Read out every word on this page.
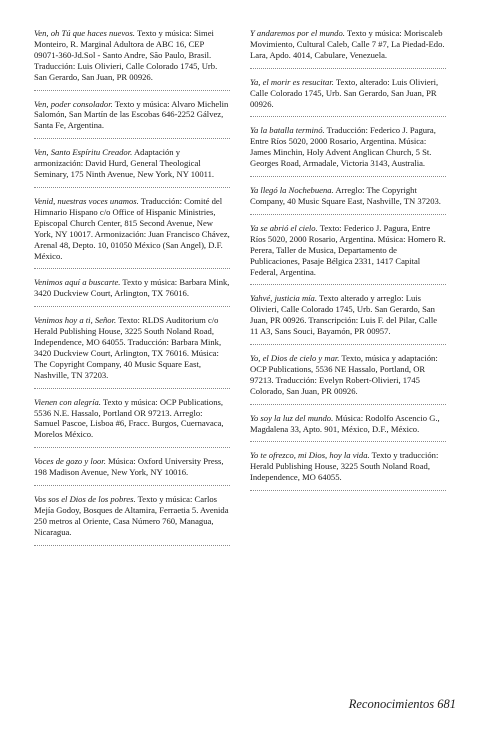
Ven, oh Tú que haces nuevos. Texto y música: Simei Monteiro, R. Marginal Adultora de ABC 16, CEP 09071-360-Jd.Sol - Santo Andre, São Paulo, Brasil. Traducción: Luis Olivieri, Calle Colorado 1745, Urb. San Gerardo, San Juan, PR 00926.

Ven, poder consolador. Texto y música: Alvaro Michelin Salomón, San Martín de las Escobas 646-2252 Gálvez, Santa Fe, Argentina.

Ven, Santo Espíritu Creador. Adaptación y armonización: David Hurd, General Theological Seminary, 175 Ninth Avenue, New York, NY 10011.

Venid, nuestras voces unamos. Traducción: Comité del Himnario Hispano c/o Office of Hispanic Ministries, Episcopal Church Center, 815 Second Avenue, New York, NY 10017. Armonización: Juan Francisco Chávez, Arenal 48, Depto. 10, 01050 México (San Angel), D.F. México.

Venimos aquí a buscarte. Texto y música: Barbara Mink, 3420 Duckview Court, Arlington, TX 76016.

Venimos hoy a ti, Señor. Texto: RLDS Auditorium c/o Herald Publishing House, 3225 South Noland Road, Independence, MO 64055. Traducción: Barbara Mink, 3420 Duckview Court, Arlington, TX 76016. Música: The Copyright Company, 40 Music Square East, Nashville, TN 37203.

Vienen con alegría. Texto y música: OCP Publications, 5536 N.E. Hassalo, Portland OR 97213. Arreglo: Samuel Pascoe, Lisboa #6, Fracc. Burgos, Cuernavaca, Morelos México.

Voces de gozo y loor. Música: Oxford University Press, 198 Madison Avenue, New York, NY 10016.

Vos sos el Dios de los pobres. Texto y música: Carlos Mejía Godoy, Bosques de Altamira, Ferraetia 5. Avenida 250 metros al Oriente, Casa Número 760, Managua, Nicaragua.

Y andaremos por el mundo. Texto y música: Moriscaleb Movimiento, Cultural Caleb, Calle 7 #7, La Piedad-Edo. Lara, Apdo. 4014, Cabulare, Venezuela.

Ya, el morir es resucitar. Texto, alterado: Luis Olivieri, Calle Colorado 1745, Urb. San Gerardo, San Juan, PR 00926.

Ya la batalla terminó. Traducción: Federico J. Pagura, Entre Ríos 5020, 2000 Rosario, Argentina. Música: James Minchin, Holy Advent Anglican Church, 5 St. Georges Road, Armadale, Victoria 3143, Australia.

Ya llegó la Nochebuena. Arreglo: The Copyright Company, 40 Music Square East, Nashville, TN 37203.

Ya se abrió el cielo. Texto: Federico J. Pagura, Entre Ríos 5020, 2000 Rosario, Argentina. Música: Homero R. Perera, Taller de Musica, Departamento de Publicaciones, Pasaje Bélgica 2331, 1417 Capital Federal, Argentina.

Yahvé, justicia mía. Texto alterado y arreglo: Luis Olivieri, Calle Colorado 1745, Urb. San Gerardo, San Juan, PR 00926. Transcripción: Luis F. del Pilar, Calle 11 A3, Sans Souci, Bayamón, PR 00957.

Yo, el Dios de cielo y mar. Texto, música y adaptación: OCP Publications, 5536 NE Hassalo, Portland, OR 97213. Traducción: Evelyn Robert-Olivieri, 1745 Colorado, San Juan, PR 00926.

Yo soy la luz del mundo. Música: Rodolfo Ascencio G., Magdalena 33, Apto. 901, México, D.F., México.

Yo te ofrezco, mi Dios, hoy la vida. Texto y traducción: Herald Publishing House, 3225 South Noland Road, Independence, MO 64055.

Reconocimientos 681
